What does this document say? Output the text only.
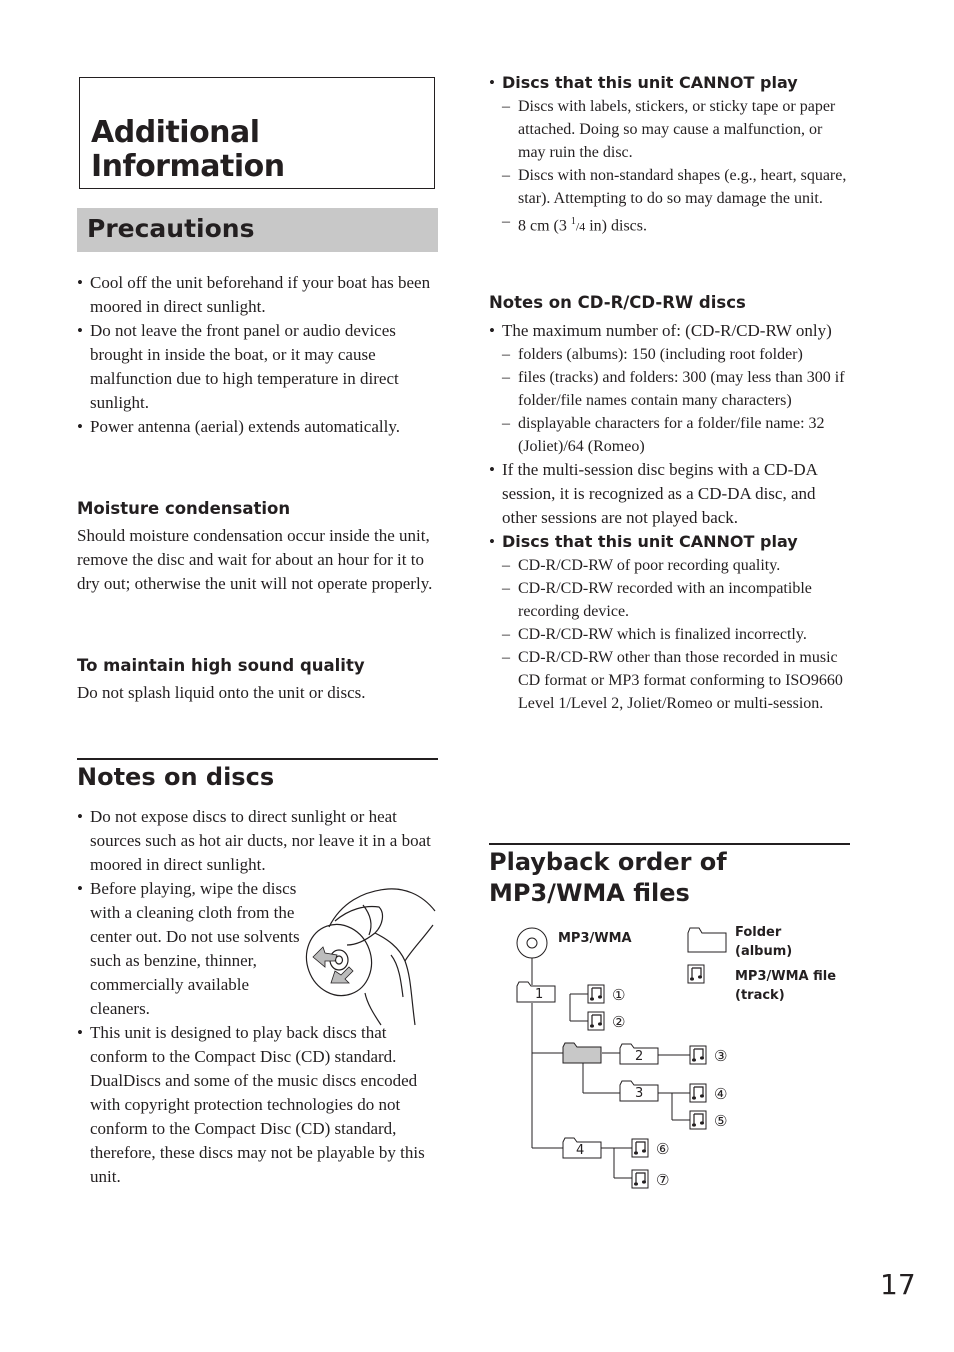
Additional Information
Precautions
• Cool off the unit beforehand if your boat has been moored in direct sunlight.
• Do not leave the front panel or audio devices brought in inside the boat, or it may cause malfunction due to high temperature in direct sunlight.
• Power antenna (aerial) extends automatically.
Moisture condensation

Should moisture condensation occur inside the unit, remove the disc and wait for about an hour for it to dry out; otherwise the unit will not operate properly.

To maintain high sound quality

Do not splash liquid onto the unit or discs.

Notes on discs
• Do not expose discs to direct sunlight or heat sources such as hot air ducts, nor leave it in a boat moored in direct sunlight.
• Before playing, wipe the discs with a cleaning cloth from the center out. Do not use solvents such as benzine, thinner, commercially available cleaners.
• This unit is designed to play back discs that conform to the Compact Disc (CD) standard. DualDiscs and some of the music discs encoded with copyright protection technologies do not conform to the Compact Disc (CD) standard, therefore, these discs may not be playable by this unit.
• Discs that this unit CANNOT play
– Discs with labels, stickers, or sticky tape or paper attached. Doing so may cause a malfunction, or may ruin the disc.
– Discs with non-standard shapes (e.g., heart, square, star). Attempting to do so may damage the unit.
– 8 cm (3 $^1$/4 in) discs.
Notes on CD-R/CD-RW discs
• The maximum number of: (CD-R/CD-RW only)
– folders (albums): 150 (including root folder)
– files (tracks) and folders: 300 (may less than 300 if folder/file names contain many characters)
– displayable characters for a folder/file name: 32 (Joliet)/64 (Romeo)
• If the multi-session disc begins with a CD-DA session, it is recognized as a CD-DA disc, and other sessions are not played back.
• Discs that this unit CANNOT play
– CD-R/CD-RW of poor recording quality.
– CD-R/CD-RW recorded with an incompatible recording device.
– CD-R/CD-RW which is finalized incorrectly.
– CD-R/CD-RW other than those recorded in music CD format or MP3 format conforming to ISO9660 Level 1/Level 2, Joliet/Romeo or multi-session.
Playback order of MP3/WMA files
MP3/WMA
1
2
3
4
①
②
③
④
⑤
⑥
⑦
Folder
(album)
MP3/WMA file
(track)
17
